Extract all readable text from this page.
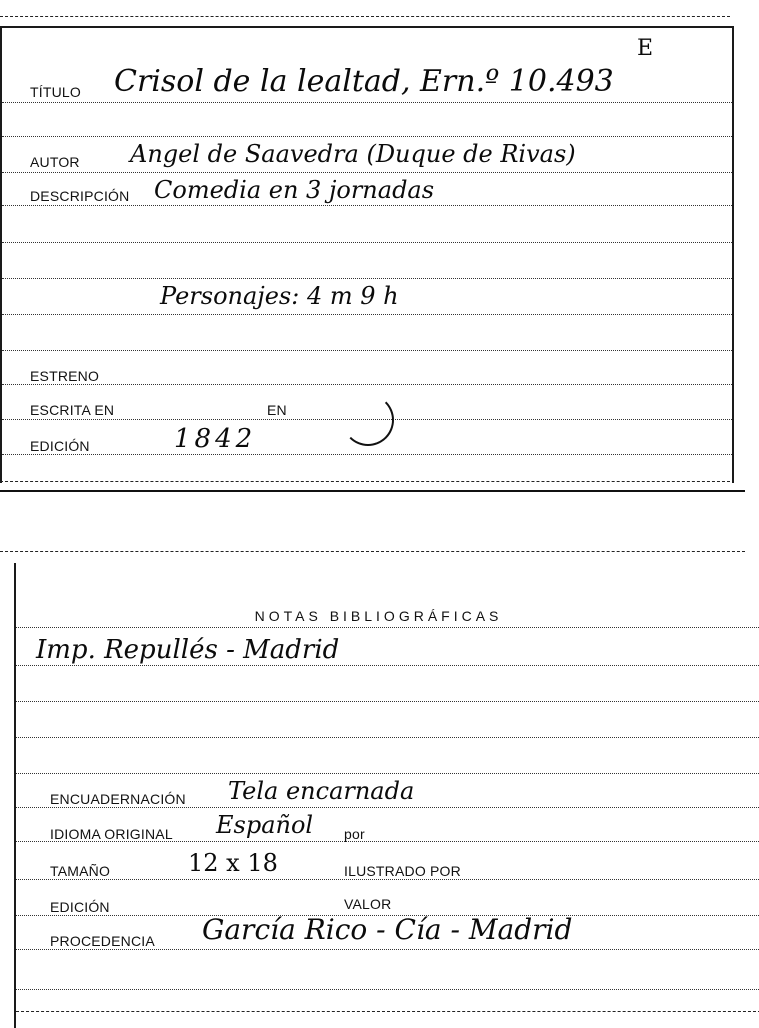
E
TÍTULO Crisol de la lealtad, Ern.º 10.493
AUTOR Angel de Saavedra (Duque de Rivas)
DESCRIPCIÓN Comedia en 3 jornadas
Personajes: 4 m 9 h
ESTRENO
ESCRITA EN	EN
EDICIÓN	1842
NOTAS BIBLIOGRÁFICAS
Imp. Repullés - Madrid
ENCUADERNACIÓN Tela encarnada
IDIOMA ORIGINAL Español por
TAMAÑO	12 x 18	ILUSTRADO POR
EDICIÓN	VALOR
PROCEDENCIA García Rico - Cía - Madrid
